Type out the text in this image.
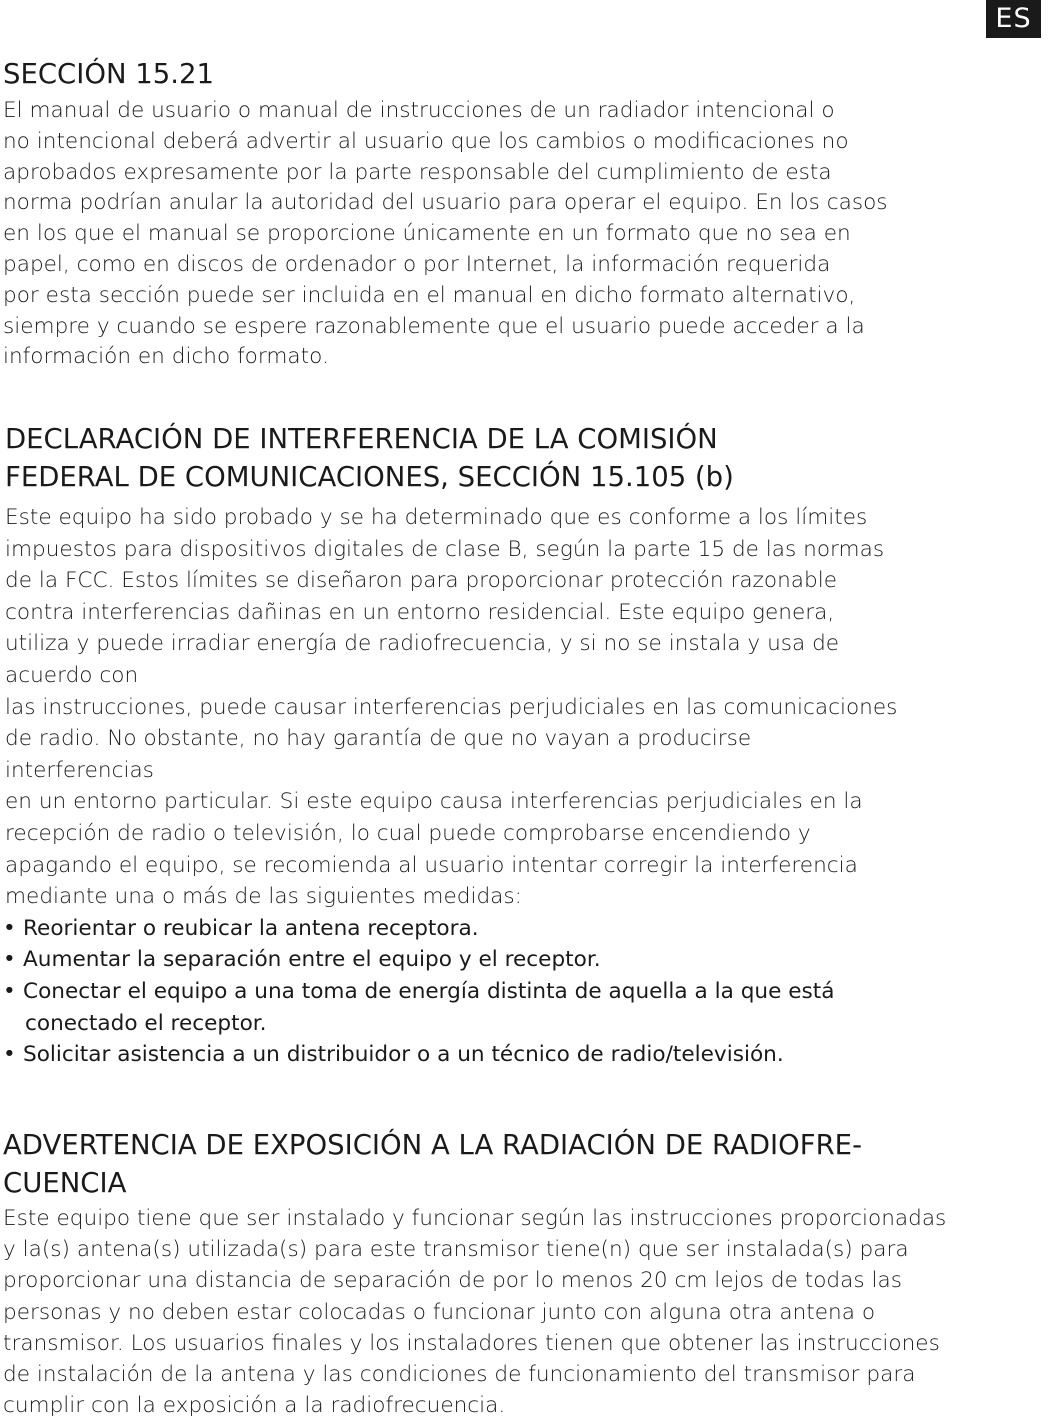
ES
SECCIÓN 15.21

El manual de usuario o manual de instrucciones de un radiador intencional o
no intencional deberá advertir al usuario que los cambios o modificaciones no
aprobados expresamente por la parte responsable del cumplimiento de esta
norma podrían anular la autoridad del usuario para operar el equipo. En los casos
en los que el manual se proporcione únicamente en un formato que no sea en
papel, como en discos de ordenador o por Internet, la información requerida
por esta sección puede ser incluida en el manual en dicho formato alternativo,
siempre y cuando se espere razonablemente que el usuario puede acceder a la
información en dicho formato.

DECLARACIÓN DE INTERFERENCIA DE LA COMISIÓN
FEDERAL DE COMUNICACIONES, SECCIÓN 15.105 (b)

Este equipo ha sido probado y se ha determinado que es conforme a los límites
impuestos para dispositivos digitales de clase B, según la parte 15 de las normas
de la FCC. Estos límites se diseñaron para proporcionar protección razonable
contra interferencias dañinas en un entorno residencial. Este equipo genera,
utiliza y puede irradiar energía de radiofrecuencia, y si no se instala y usa de
acuerdo con
las instrucciones, puede causar interferencias perjudiciales en las comunicaciones
de radio. No obstante, no hay garantía de que no vayan a producirse
interferencias
en un entorno particular. Si este equipo causa interferencias perjudiciales en la
recepción de radio o televisión, lo cual puede comprobarse encendiendo y
apagando el equipo, se recomienda al usuario intentar corregir la interferencia
mediante una o más de las siguientes medidas:

• Reorientar o reubicar la antena receptora.
• Aumentar la separación entre el equipo y el receptor.
• Conectar el equipo a una toma de energía distinta de aquella a la que está
conectado el receptor.
• Solicitar asistencia a un distribuidor o a un técnico de radio/televisión.
ADVERTENCIA DE EXPOSICIÓN A LA RADIACIÓN DE RADIOFRE-
CUENCIA

Este equipo tiene que ser instalado y funcionar según las instrucciones proporcionadas
y la(s) antena(s) utilizada(s) para este transmisor tiene(n) que ser instalada(s) para
proporcionar una distancia de separación de por lo menos 20 cm lejos de todas las
personas y no deben estar colocadas o funcionar junto con alguna otra antena o
transmisor. Los usuarios finales y los instaladores tienen que obtener las instrucciones
de instalación de la antena y las condiciones de funcionamiento del transmisor para
cumplir con la exposición a la radiofrecuencia.
